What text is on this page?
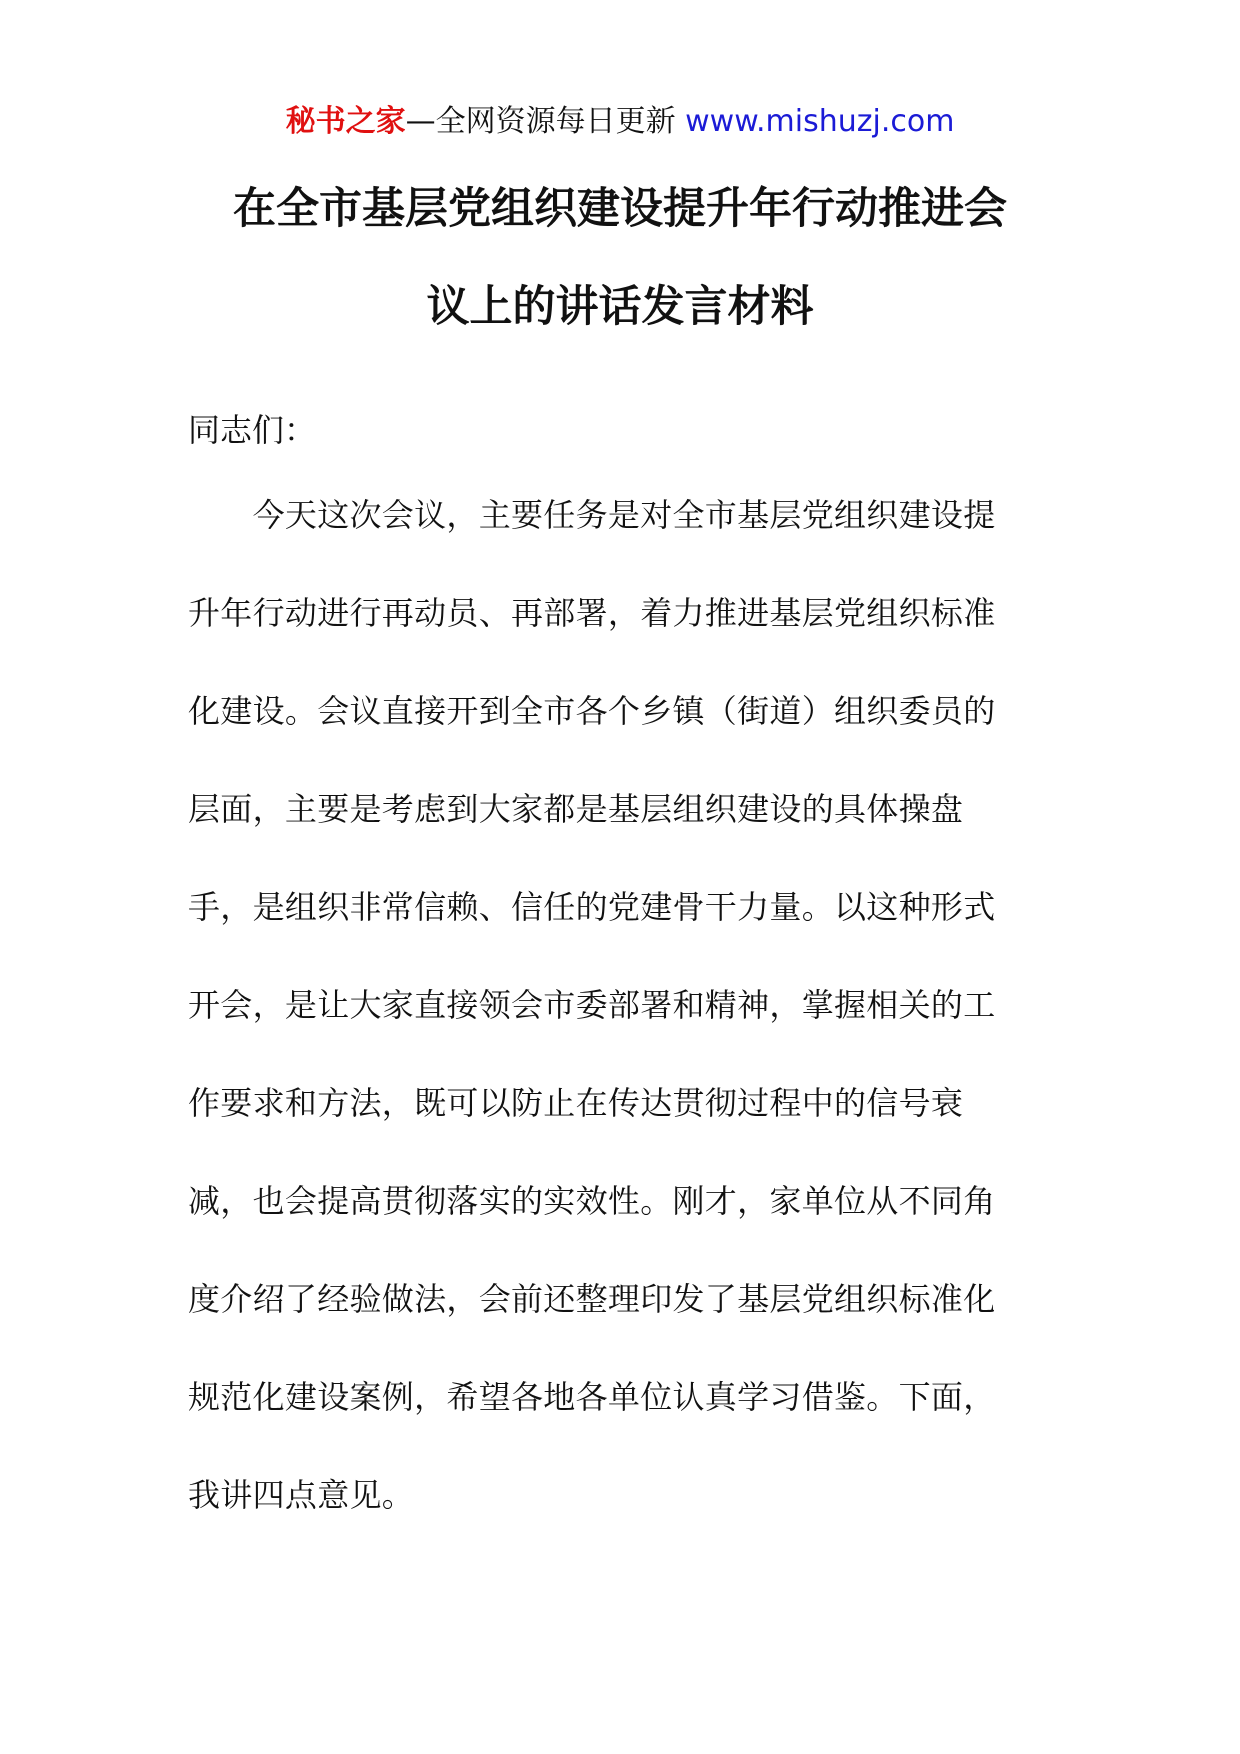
秘书之家—全网资源每日更新 www.mishuzj.com
在全市基层党组织建设提升年行动推进会
议上的讲话发言材料
同志们：
　　今天这次会议，主要任务是对全市基层党组织建设提
升年行动进行再动员、再部署，着力推进基层党组织标准
化建设。会议直接开到全市各个乡镇（街道）组织委员的
层面，主要是考虑到大家都是基层组织建设的具体操盘
手，是组织非常信赖、信任的党建骨干力量。以这种形式
开会，是让大家直接领会市委部署和精神，掌握相关的工
作要求和方法，既可以防止在传达贯彻过程中的信号衰
减，也会提高贯彻落实的实效性。刚才，家单位从不同角
度介绍了经验做法，会前还整理印发了基层党组织标准化
规范化建设案例，希望各地各单位认真学习借鉴。下面，
我讲四点意见。
